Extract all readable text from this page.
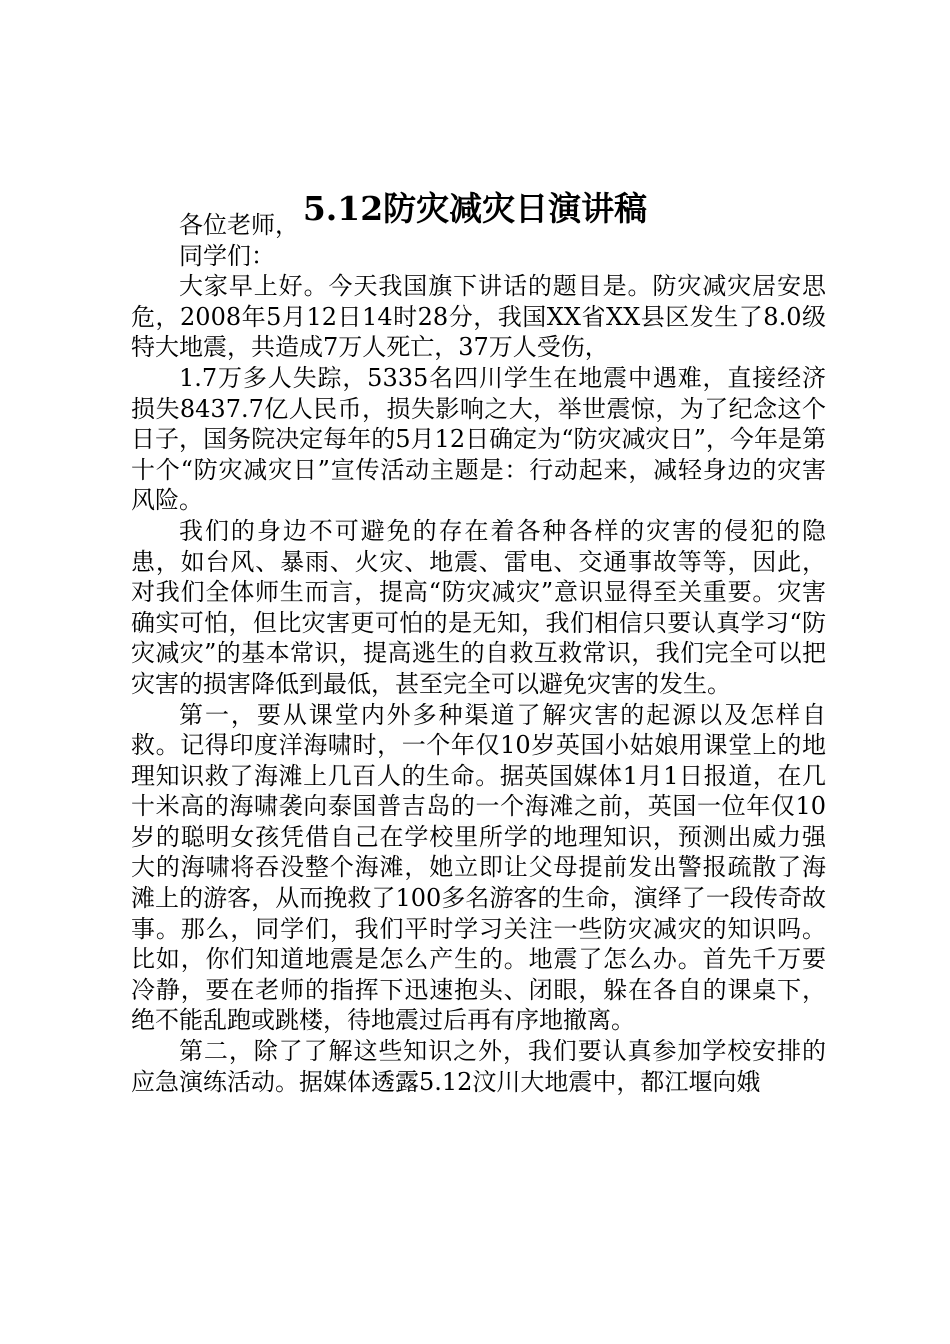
5.12防灾减灾日演讲稿

各位老师，

同学们：

大家早上好。今天我国旗下讲话的题目是。防灾减灾居安思危，2008年5月12日14时28分，我国XX省XX县区发生了8.0级特大地震，共造成7万人死亡，37万人受伤，

1.7万多人失踪，5335名四川学生在地震中遇难，直接经济损失8437.7亿人民币，损失影响之大，举世震惊，为了纪念这个日子，国务院决定每年的5月12日确定为“防灾减灾日”，今年是第十个“防灾减灾日”宣传活动主题是：行动起来，减轻身边的灾害风险。

我们的身边不可避免的存在着各种各样的灾害的侵犯的隐患，如台风、暴雨、火灾、地震、雷电、交通事故等等，因此，对我们全体师生而言，提高“防灾减灾”意识显得至关重要。灾害确实可怕，但比灾害更可怕的是无知，我们相信只要认真学习“防灾减灾”的基本常识，提高逃生的自救互救常识，我们完全可以把灾害的损害降低到最低，甚至完全可以避免灾害的发生。

第一，要从课堂内外多种渠道了解灾害的起源以及怎样自救。记得印度洋海啸时，一个年仅10岁英国小姑娘用课堂上的地理知识救了海滩上几百人的生命。据英国媒体1月1日报道，在几十米高的海啸袭向泰国普吉岛的一个海滩之前，英国一位年仅10岁的聪明女孩凭借自己在学校里所学的地理知识，预测出威力强大的海啸将吞没整个海滩，她立即让父母提前发出警报疏散了海滩上的游客，从而挽救了100多名游客的生命，演绎了一段传奇故事。那么，同学们，我们平时学习关注一些防灾减灾的知识吗。比如，你们知道地震是怎么产生的。地震了怎么办。首先千万要冷静，要在老师的指挥下迅速抱头、闭眼，躲在各自的课桌下，绝不能乱跑或跳楼，待地震过后再有序地撤离。

第二，除了了解这些知识之外，我们要认真参加学校安排的应急演练活动。据媒体透露5.12汶川大地震中，都江堰向娥
